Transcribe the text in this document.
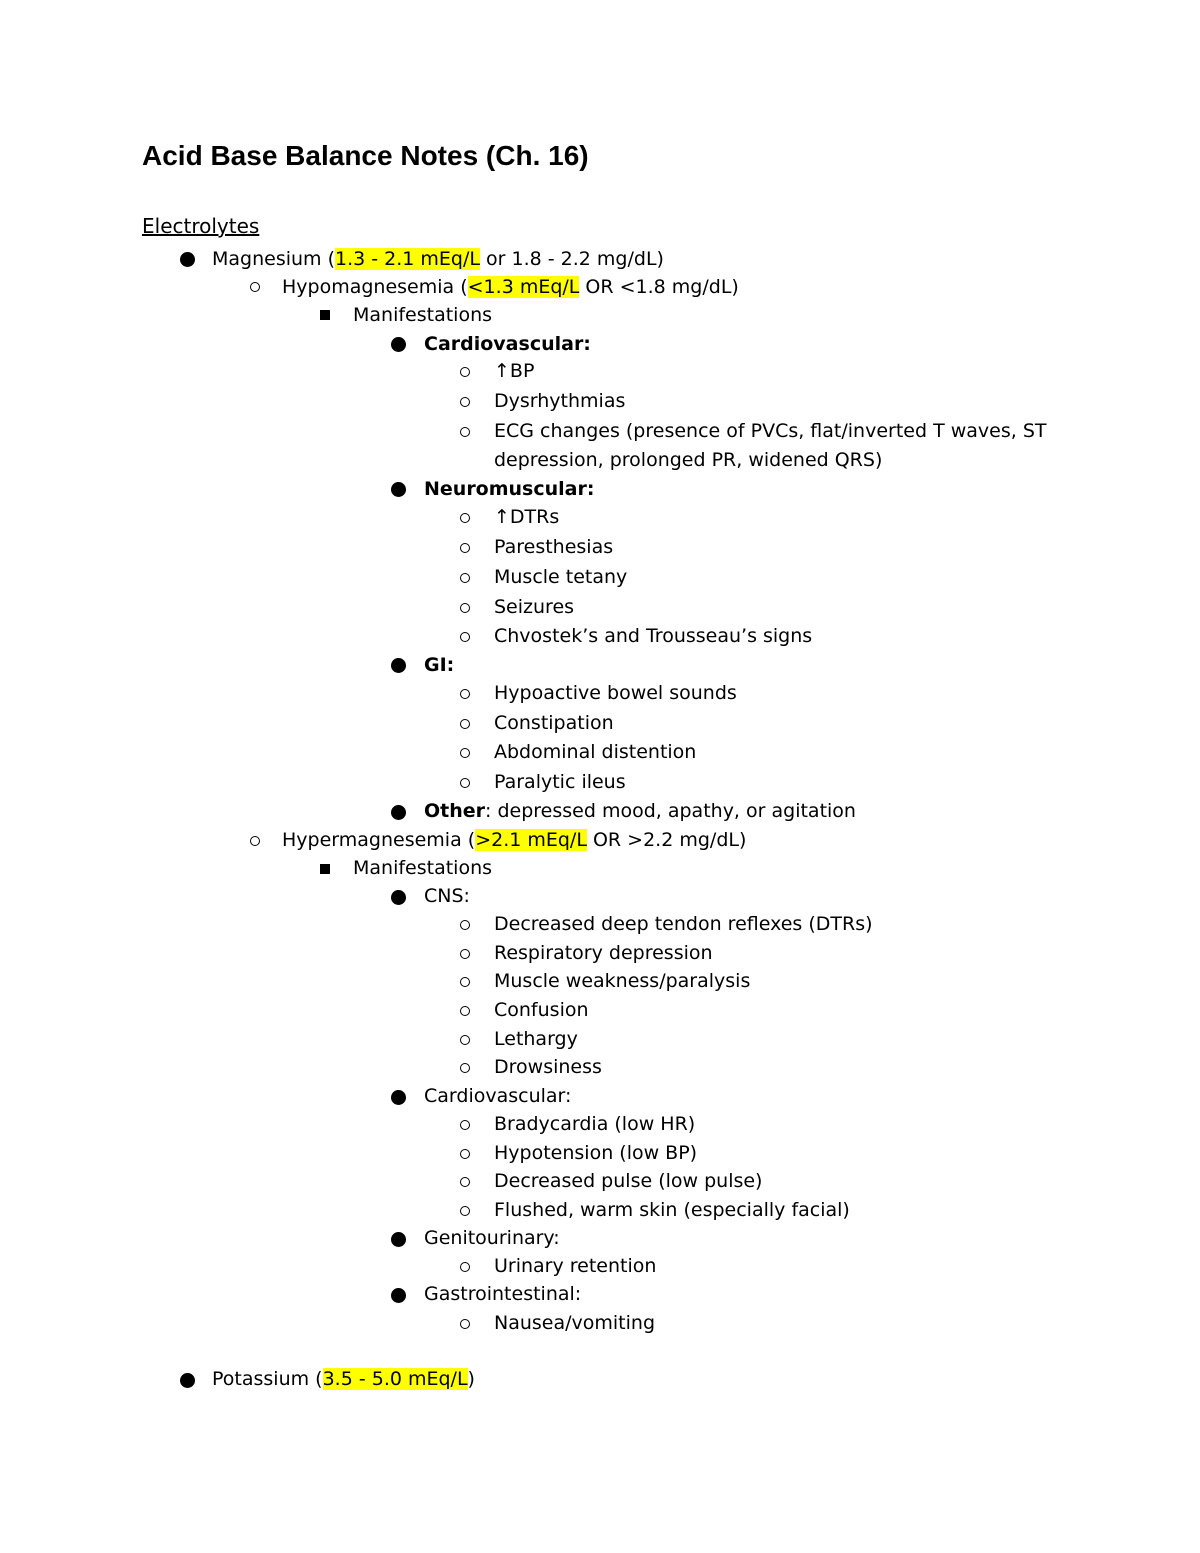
Acid Base Balance Notes (Ch. 16)
Electrolytes
Magnesium (1.3 - 2.1 mEq/L or 1.8 - 2.2 mg/dL)
Hypomagnesemia (<1.3 mEq/L OR <1.8 mg/dL)
Manifestations
Cardiovascular:
↑BP
Dysrhythmias
ECG changes (presence of PVCs, flat/inverted T waves, ST
depression, prolonged PR, widened QRS)
Neuromuscular:
↑DTRs
Paresthesias
Muscle tetany
Seizures
Chvostek’s and Trousseau’s signs
GI:
Hypoactive bowel sounds
Constipation
Abdominal distention
Paralytic ileus
Other: depressed mood, apathy, or agitation
Hypermagnesemia (>2.1 mEq/L OR >2.2 mg/dL)
Manifestations
CNS:
Decreased deep tendon reflexes (DTRs)
Respiratory depression
Muscle weakness/paralysis
Confusion
Lethargy
Drowsiness
Cardiovascular:
Bradycardia (low HR)
Hypotension (low BP)
Decreased pulse (low pulse)
Flushed, warm skin (especially facial)
Genitourinary:
Urinary retention
Gastrointestinal:
Nausea/vomiting
Potassium (3.5 - 5.0 mEq/L)
